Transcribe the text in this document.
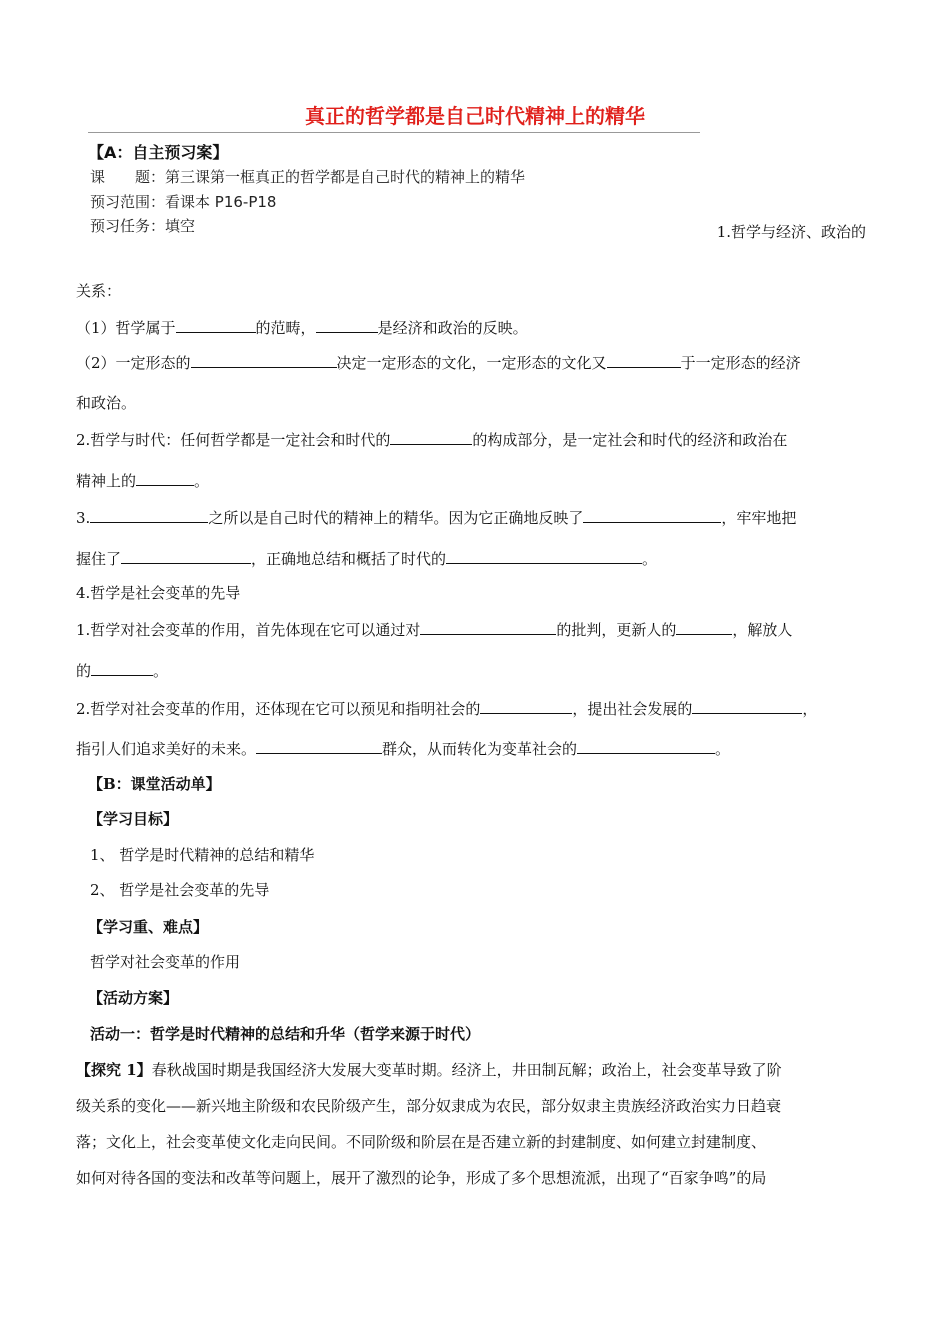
真正的哲学都是自己时代精神上的精华
【A：自主预习案】
课　　题：第三课第一框真正的哲学都是自己时代的精神上的精华
预习范围：看课本 P16-P18
预习任务：填空	1.哲学与经济、政治的
关系：
（1）哲学属于	的范畴，	是经济和政治的反映。
（2）一定形态的	决定一定形态的文化，一定形态的文化又	于一定形态的经济
和政治。
2.哲学与时代：任何哲学都是一定社会和时代的	的构成部分，是一定社会和时代的经济和政治在
精神上的	。
3.	之所以是自己时代的精神上的精华。因为它正确地反映了	，牢牢地把
握住了	，正确地总结和概括了时代的	。
4.哲学是社会变革的先导
1.哲学对社会变革的作用，首先体现在它可以通过对	的批判，更新人的	，解放人
的	。
2.哲学对社会变革的作用，还体现在它可以预见和指明社会的	，提出社会发展的	，
指引人们追求美好的未来。	群众，从而转化为变革社会的	。
【B：课堂活动单】
【学习目标】
1、 哲学是时代精神的总结和精华
2、 哲学是社会变革的先导
【学习重、难点】
哲学对社会变革的作用
【活动方案】
活动一：哲学是时代精神的总结和升华（哲学来源于时代）
【探究 1】春秋战国时期是我国经济大发展大变革时期。经济上，井田制瓦解；政治上，社会变革导致了阶
级关系的变化——新兴地主阶级和农民阶级产生，部分奴隶成为农民，部分奴隶主贵族经济政治实力日趋衰
落；文化上，社会变革使文化走向民间。不同阶级和阶层在是否建立新的封建制度、如何建立封建制度、
如何对待各国的变法和改革等问题上，展开了激烈的论争，形成了多个思想流派，出现了“百家争鸣”的局
